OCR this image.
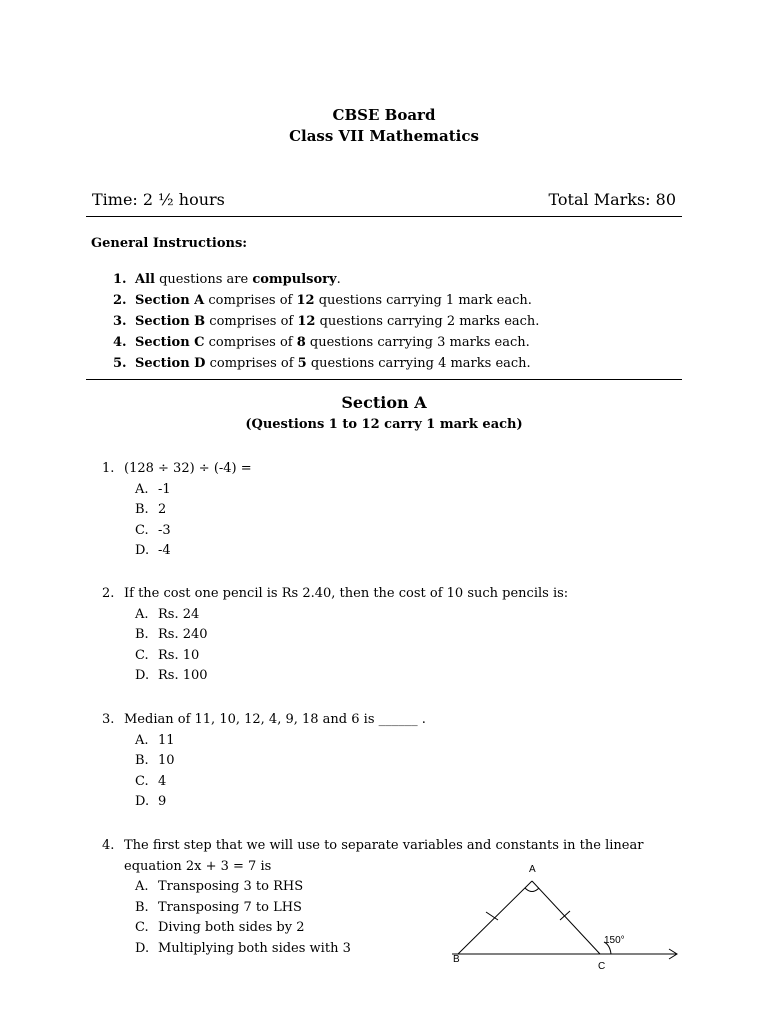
CBSE Board
Class VII Mathematics
Time: 2 ½ hours	Total Marks: 80
General Instructions:
1. All questions are compulsory.
2. Section A comprises of 12 questions carrying 1 mark each.
3. Section B comprises of 12 questions carrying 2 marks each.
4. Section C comprises of 8 questions carrying 3 marks each.
5. Section D comprises of 5 questions carrying 4 marks each.
Section A
(Questions 1 to 12 carry 1 mark each)
1. (128 ÷ 32) ÷ (-4) =
A. -1
B. 2
C. -3
D. -4
2. If the cost one pencil is Rs 2.40, then the cost of 10 such pencils is:
A. Rs. 24
B. Rs. 240
C. Rs. 10
D. Rs. 100
3. Median of 11, 10, 12, 4, 9, 18 and 6 is ______ .
A. 11
B. 10
C. 4
D. 9
4. The first step that we will use to separate variables and constants in the linear
equation 2x + 3 = 7 is
A. Transposing 3 to RHS
B. Transposing 7 to LHS
C. Diving both sides by 2
D. Multiplying both sides with 3
A
B
C
150°
